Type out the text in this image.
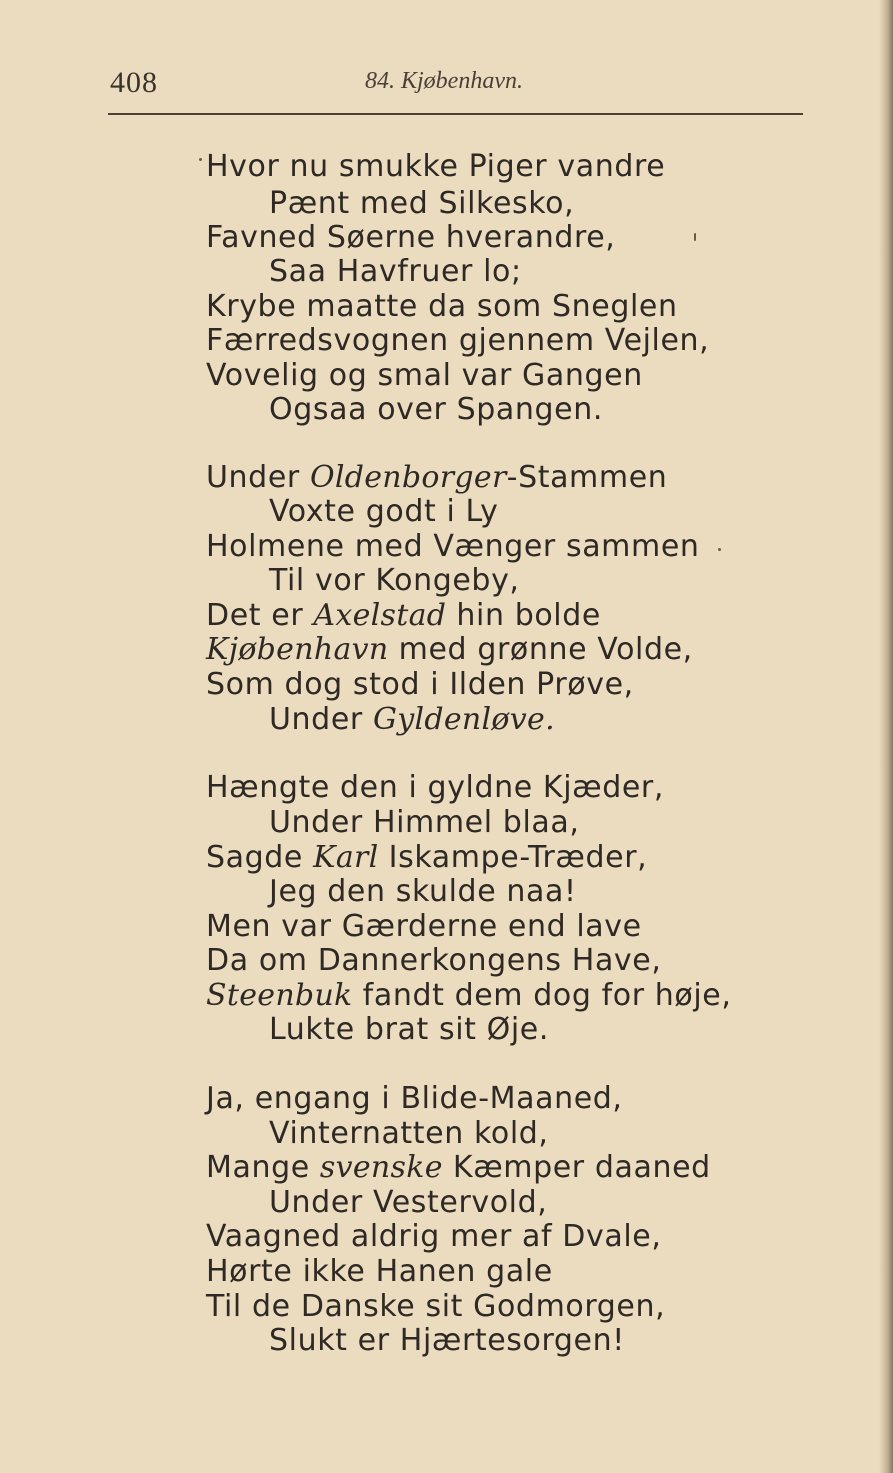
408	84. Kjøbenhavn.
Hvor nu smukke Piger vandre
Pænt med Silkesko,
Favned Søerne hverandre,
Saa Havfruer lo;
Krybe maatte da som Sneglen
Færredsvognen gjennem Vejlen,
Vovelig og smal var Gangen
Ogsaa over Spangen.
Under Oldenborger-Stammen
Voxte godt i Ly
Holmene med Vænger sammen
Til vor Kongeby,
Det er Axelstad hin bolde
Kjøbenhavn med grønne Volde,
Som dog stod i Ilden Prøve,
Under Gyldenløve.
Hængte den i gyldne Kjæder,
Under Himmel blaa,
Sagde Karl Iskampe-Træder,
Jeg den skulde naa!
Men var Gærderne end lave
Da om Dannerkongens Have,
Steenbuk fandt dem dog for høje,
Lukte brat sit Øje.
Ja, engang i Blide-Maaned,
Vinternatten kold,
Mange svenske Kæmper daaned
Under Vestervold,
Vaagned aldrig mer af Dvale,
Hørte ikke Hanen gale
Til de Danske sit Godmorgen,
Slukt er Hjærtesorgen!
